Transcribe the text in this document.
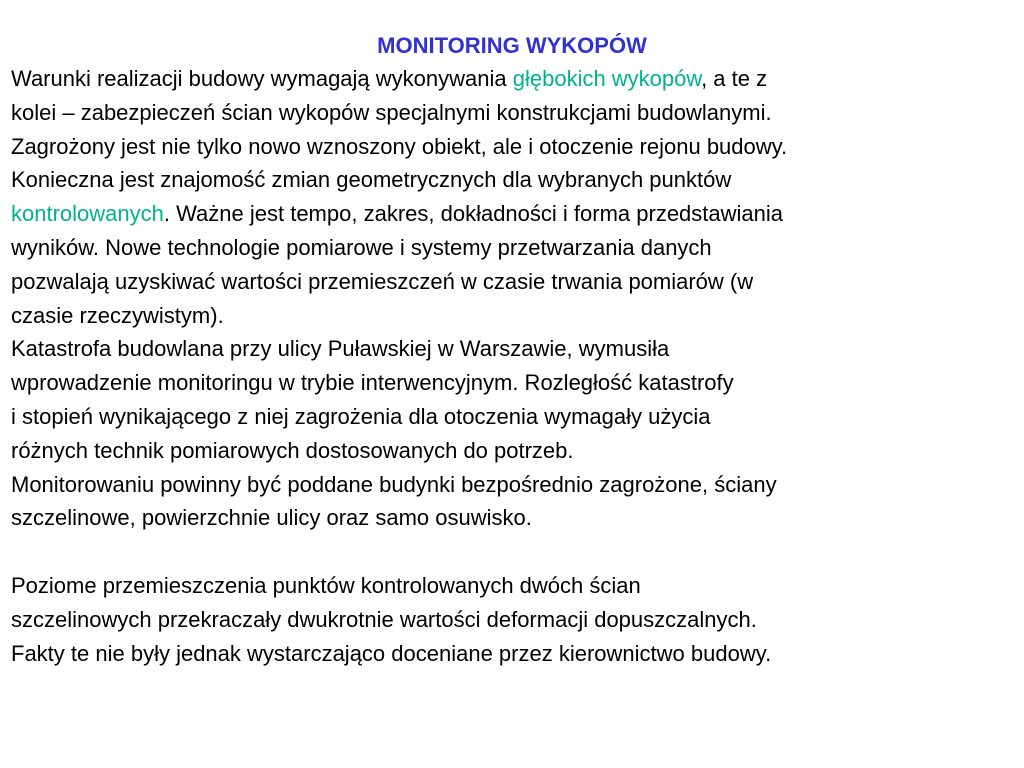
MONITORING WYKOPÓW
Warunki realizacji budowy wymagają wykonywania głębokich wykopów, a te z
kolei – zabezpieczeń ścian wykopów specjalnymi konstrukcjami budowlanymi.
Zagrożony jest nie tylko nowo wznoszony obiekt, ale i otoczenie rejonu budowy.
Konieczna jest znajomość zmian geometrycznych dla wybranych punktów
kontrolowanych. Ważne jest tempo, zakres, dokładności i forma przedstawiania
wyników. Nowe technologie pomiarowe i systemy przetwarzania danych
pozwalają uzyskiwać wartości przemieszczeń w czasie trwania pomiarów (w
czasie rzeczywistym).
Katastrofa budowlana przy ulicy Puławskiej w Warszawie, wymusiła
wprowadzenie monitoringu w trybie interwencyjnym. Rozległość katastrofy
i stopień wynikającego z niej zagrożenia dla otoczenia wymagały użycia
różnych technik pomiarowych dostosowanych do potrzeb.
Monitorowaniu powinny być poddane budynki bezpośrednio zagrożone, ściany
szczelinowe, powierzchnie ulicy oraz samo osuwisko.
Poziome przemieszczenia punktów kontrolowanych dwóch ścian
szczelinowych przekraczały dwukrotnie wartości deformacji dopuszczalnych.
Fakty te nie były jednak wystarczająco doceniane przez kierownictwo budowy.
